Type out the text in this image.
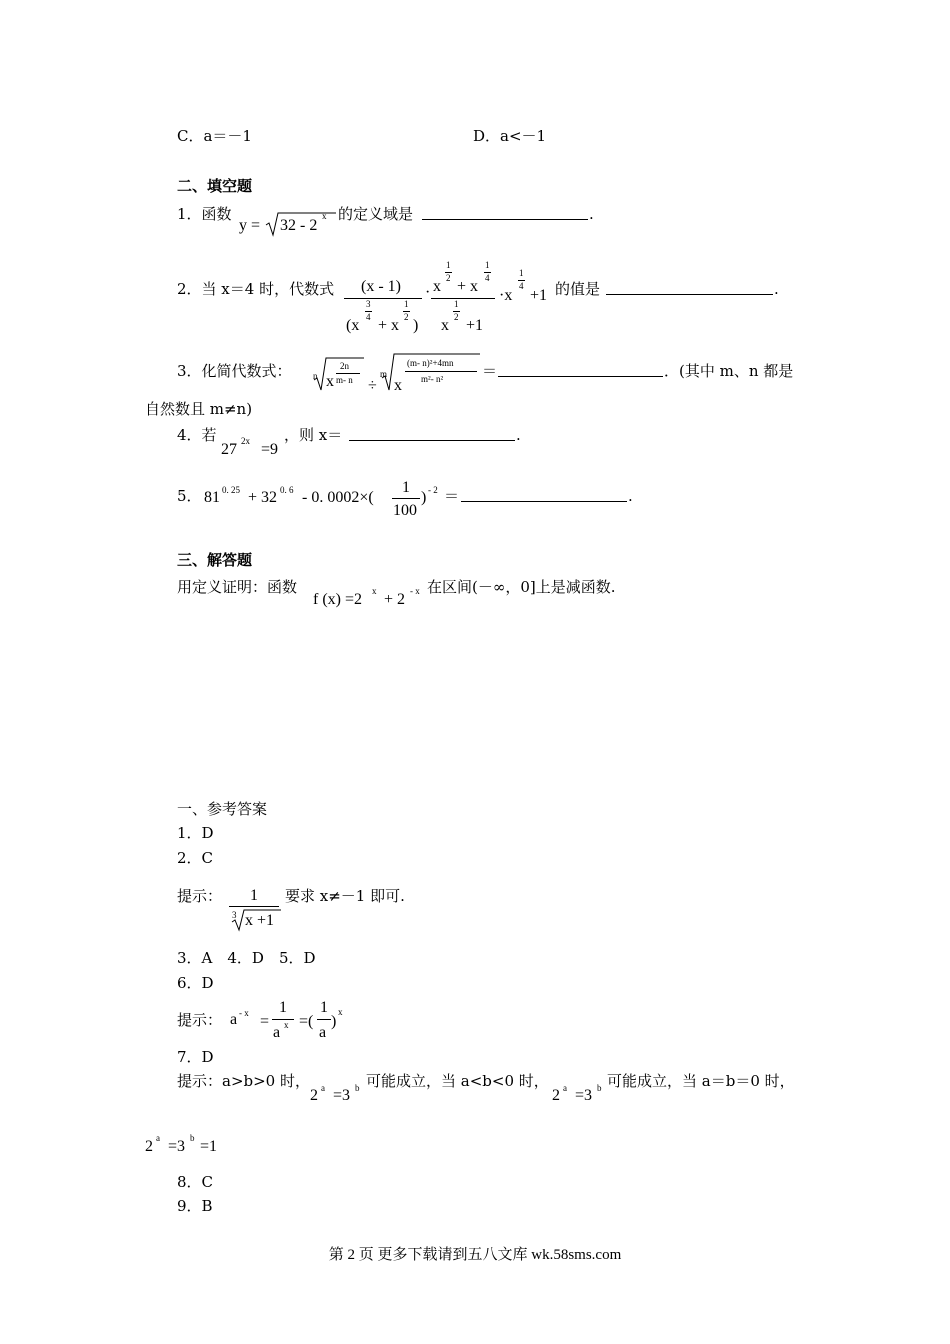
C．a＝－1	D．a<－1
二、填空题
1．函数
y = 32 - 2
x 的定义域是	.
2．当 x＝4 时，代数式 (x - 1)
(x
3
4 + x
1
2 )
· x
1
2 + x
1
4
x
1
2 +1
·x
1
4
+1 的值是	.
3．化简代数式： n x
2n
m- n ÷
m
x
(m- n)²+4mn
m²- n²	＝	．(其中 m、n 都是
自然数且 m≠n)
4．若
27 2x =9
，则 x＝	.
5． 81 0. 25 + 32 0. 6 - 0. 0002×(
1
100
) - 2 ＝	.
三、解答题
用定义证明：函数
f (x) =2 x + 2 - x 在区间(－∞，0]上是减函数.
一、参考答案
1．D
2．C
提示： 1
3 x +1
要求 x≠－1 即可.
3．A　4．D　5．D
6．D
提示： a - x =
1
a x =(
1
a
)
x
7．D
提示：a>b>0 时，
2 a =3 b 可能成立，当 a<b<0 时，
2 a =3 b 可能成立，当 a＝b＝0 时，
2 a =3 b =1
8．C
9．B
第 2 页 更多下载请到五八文库 wk.58sms.com
